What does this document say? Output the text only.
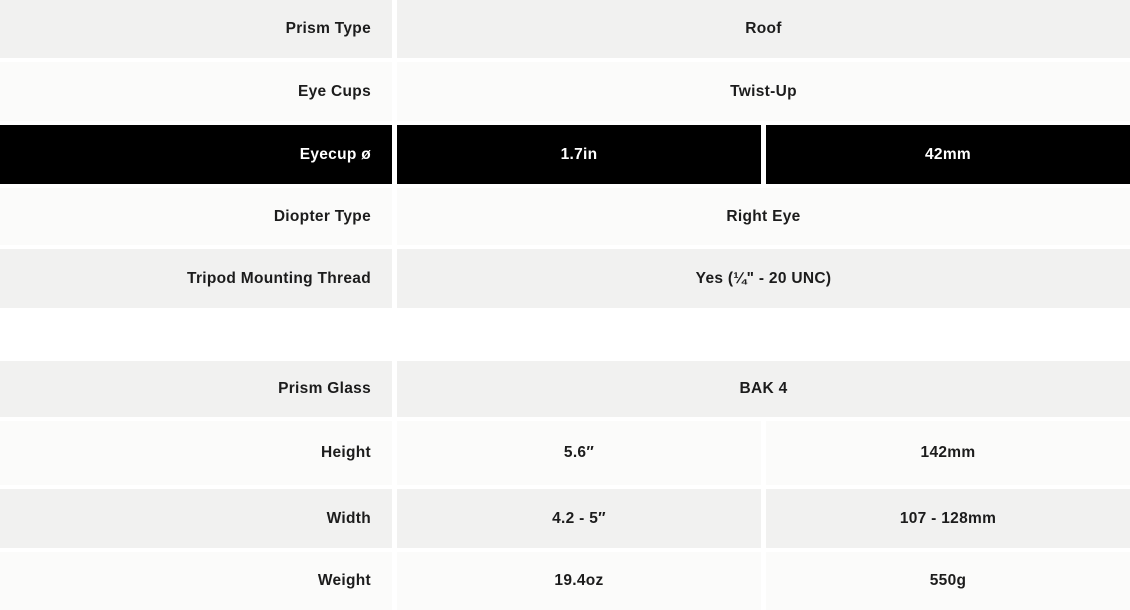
Prism Type	Roof
Eye Cups	Twist-Up
Eyecup ø	1.7in	42mm
Diopter Type	Right Eye
Tripod Mounting Thread	Yes (¼" - 20 UNC)
Prism Glass	BAK 4
Height	5.6″	142mm
Width	4.2 - 5″	107 - 128mm
Weight	19.4oz	550g
